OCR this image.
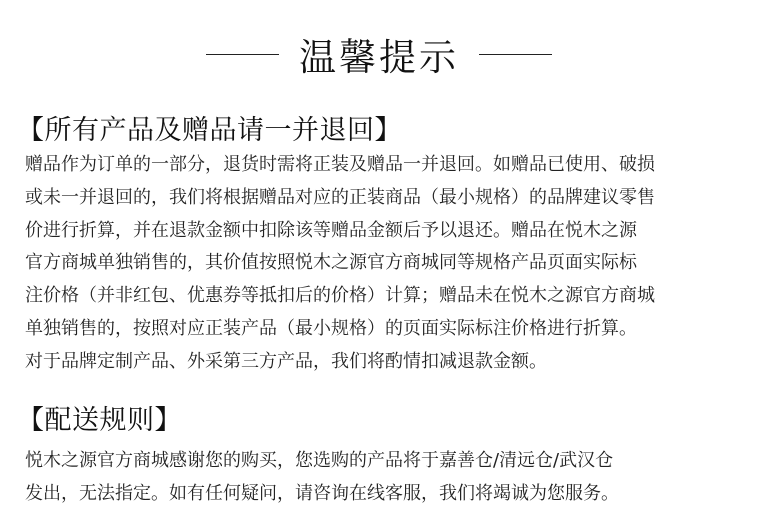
温馨提示
【所有产品及赠品请一并退回】
赠品作为订单的一部分，退货时需将正装及赠品一并退回。如赠品已使用、破损
或未一并退回的，我们将根据赠品对应的正装商品（最小规格）的品牌建议零售
价进行折算，并在退款金额中扣除该等赠品金额后予以退还。赠品在悦木之源
官方商城单独销售的，其价值按照悦木之源官方商城同等规格产品页面实际标
注价格（并非红包、优惠券等抵扣后的价格）计算；赠品未在悦木之源官方商城
单独销售的，按照对应正装产品（最小规格）的页面实际标注价格进行折算。
对于品牌定制产品、外采第三方产品，我们将酌情扣减退款金额。
【配送规则】
悦木之源官方商城感谢您的购买，您选购的产品将于嘉善仓/清远仓/武汉仓
发出，无法指定。如有任何疑问，请咨询在线客服，我们将竭诚为您服务。
